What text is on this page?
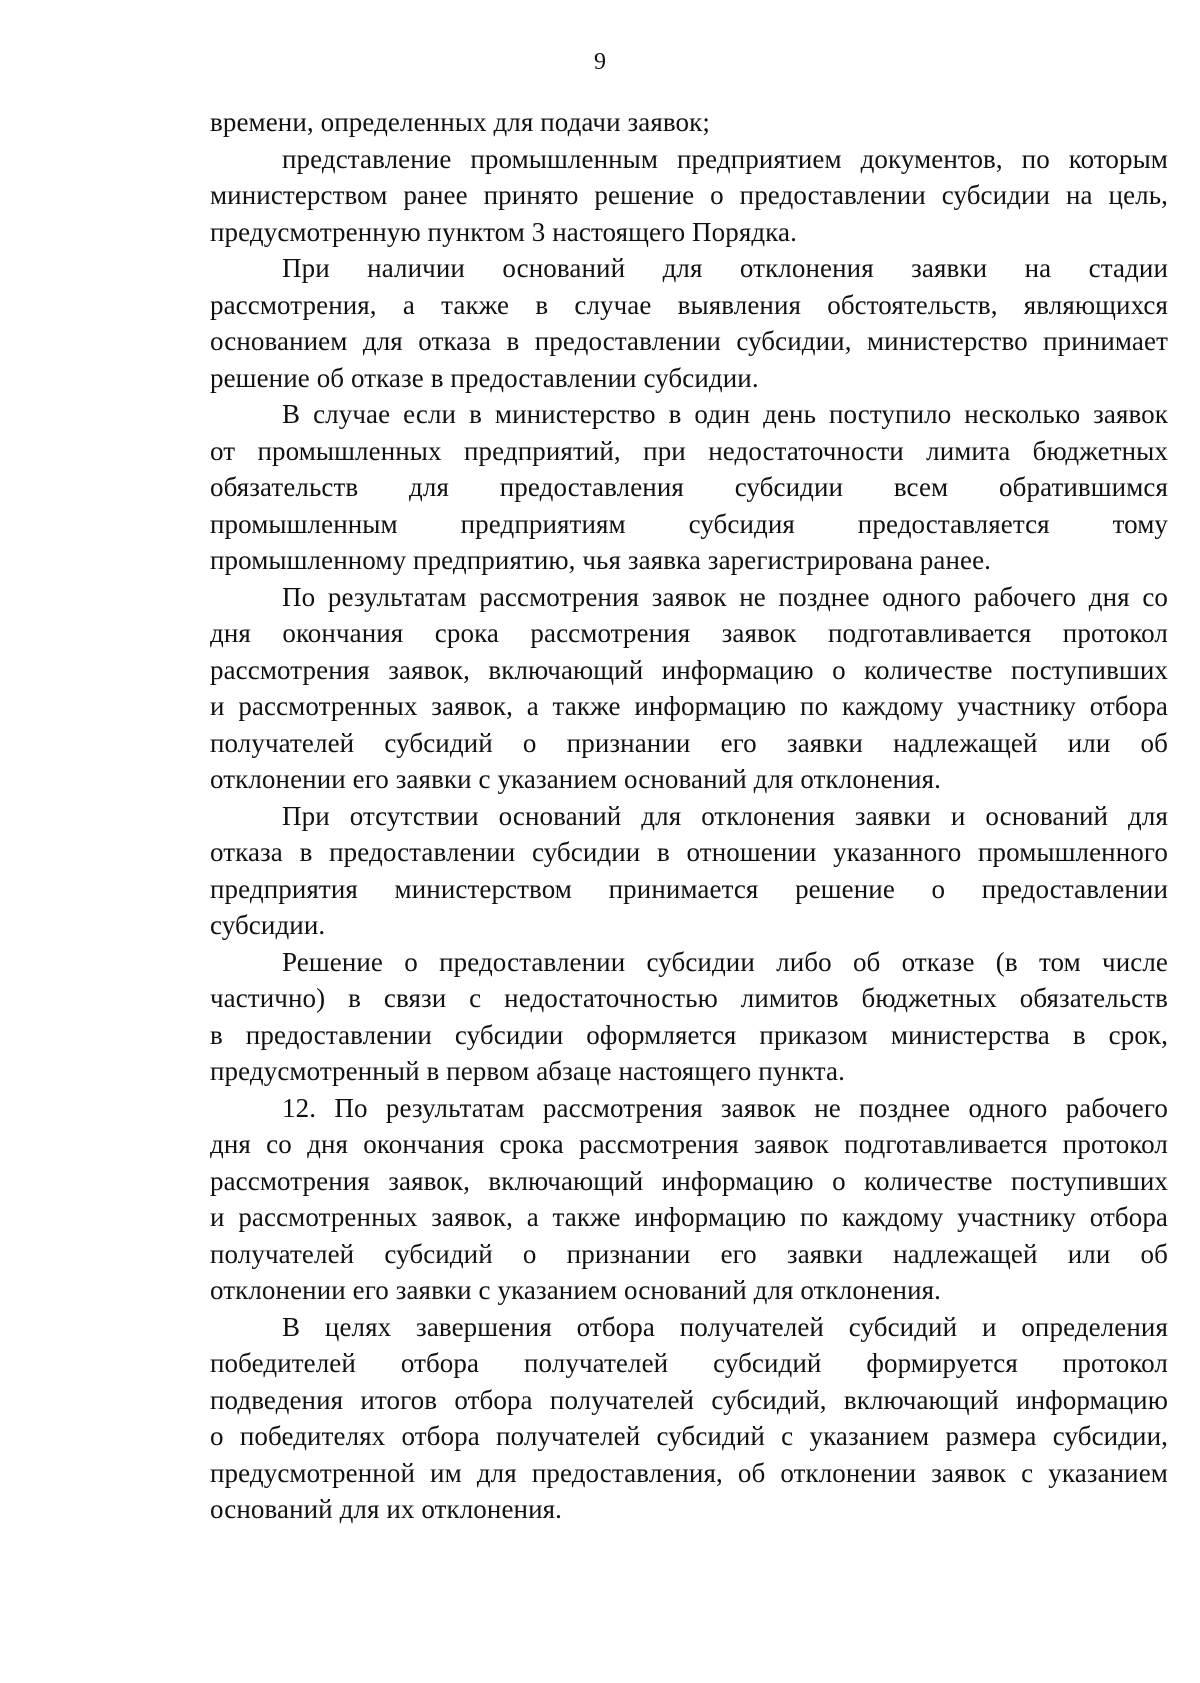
9

времени, определенных для подачи заявок;

представление промышленным предприятием документов, по которым
министерством ранее принято решение о предоставлении субсидии на цель,
предусмотренную пунктом 3 настоящего Порядка.

При наличии оснований для отклонения заявки на стадии
рассмотрения, а также в случае выявления обстоятельств, являющихся
основанием для отказа в предоставлении субсидии, министерство принимает
решение об отказе в предоставлении субсидии.

В случае если в министерство в один день поступило несколько заявок
от промышленных предприятий, при недостаточности лимита бюджетных
обязательств для предоставления субсидии всем обратившимся
промышленным предприятиям субсидия предоставляется тому
промышленному предприятию, чья заявка зарегистрирована ранее.

По результатам рассмотрения заявок не позднее одного рабочего дня со
дня окончания срока рассмотрения заявок подготавливается протокол
рассмотрения заявок, включающий информацию о количестве поступивших
и рассмотренных заявок, а также информацию по каждому участнику отбора
получателей субсидий о признании его заявки надлежащей или об
отклонении его заявки с указанием оснований для отклонения.

При отсутствии оснований для отклонения заявки и оснований для
отказа в предоставлении субсидии в отношении указанного промышленного
предприятия министерством принимается решение о предоставлении
субсидии.

Решение о предоставлении субсидии либо об отказе (в том числе
частично) в связи с недостаточностью лимитов бюджетных обязательств
в предоставлении субсидии оформляется приказом министерства в срок,
предусмотренный в первом абзаце настоящего пункта.

12. По результатам рассмотрения заявок не позднее одного рабочего
дня со дня окончания срока рассмотрения заявок подготавливается протокол
рассмотрения заявок, включающий информацию о количестве поступивших
и рассмотренных заявок, а также информацию по каждому участнику отбора
получателей субсидий о признании его заявки надлежащей или об
отклонении его заявки с указанием оснований для отклонения.

В целях завершения отбора получателей субсидий и определения
победителей отбора получателей субсидий формируется протокол
подведения итогов отбора получателей субсидий, включающий информацию
о победителях отбора получателей субсидий с указанием размера субсидии,
предусмотренной им для предоставления, об отклонении заявок с указанием
оснований для их отклонения.
